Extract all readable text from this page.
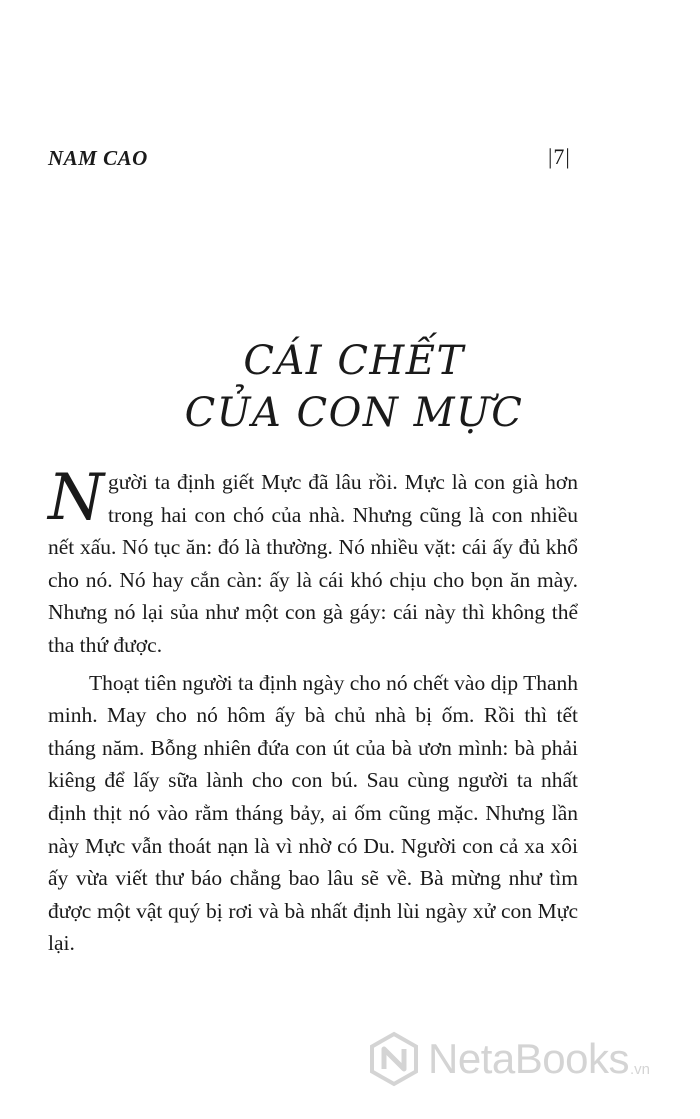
NAM CAO	|7|
CÁI CHẾT
CỦA CON MỰC

Người ta định giết Mực đã lâu rồi. Mực là con già hơn trong hai con chó của nhà. Nhưng cũng là con nhiều nết xấu. Nó tục ăn: đó là thường. Nó nhiều vặt: cái ấy đủ khổ cho nó. Nó hay cắn càn: ấy là cái khó chịu cho bọn ăn mày. Nhưng nó lại sủa như một con gà gáy: cái này thì không thể tha thứ được.

Thoạt tiên người ta định ngày cho nó chết vào dịp Thanh minh. May cho nó hôm ấy bà chủ nhà bị ốm. Rồi thì tết tháng năm. Bỗng nhiên đứa con út của bà ươn mình: bà phải kiêng để lấy sữa lành cho con bú. Sau cùng người ta nhất định thịt nó vào rằm tháng bảy, ai ốm cũng mặc. Nhưng lần này Mực vẫn thoát nạn là vì nhờ có Du. Người con cả xa xôi ấy vừa viết thư báo chẳng bao lâu sẽ về. Bà mừng như tìm được một vật quý bị rơi và bà nhất định lùi ngày xử con Mực lại.

NetaBooks .vn
